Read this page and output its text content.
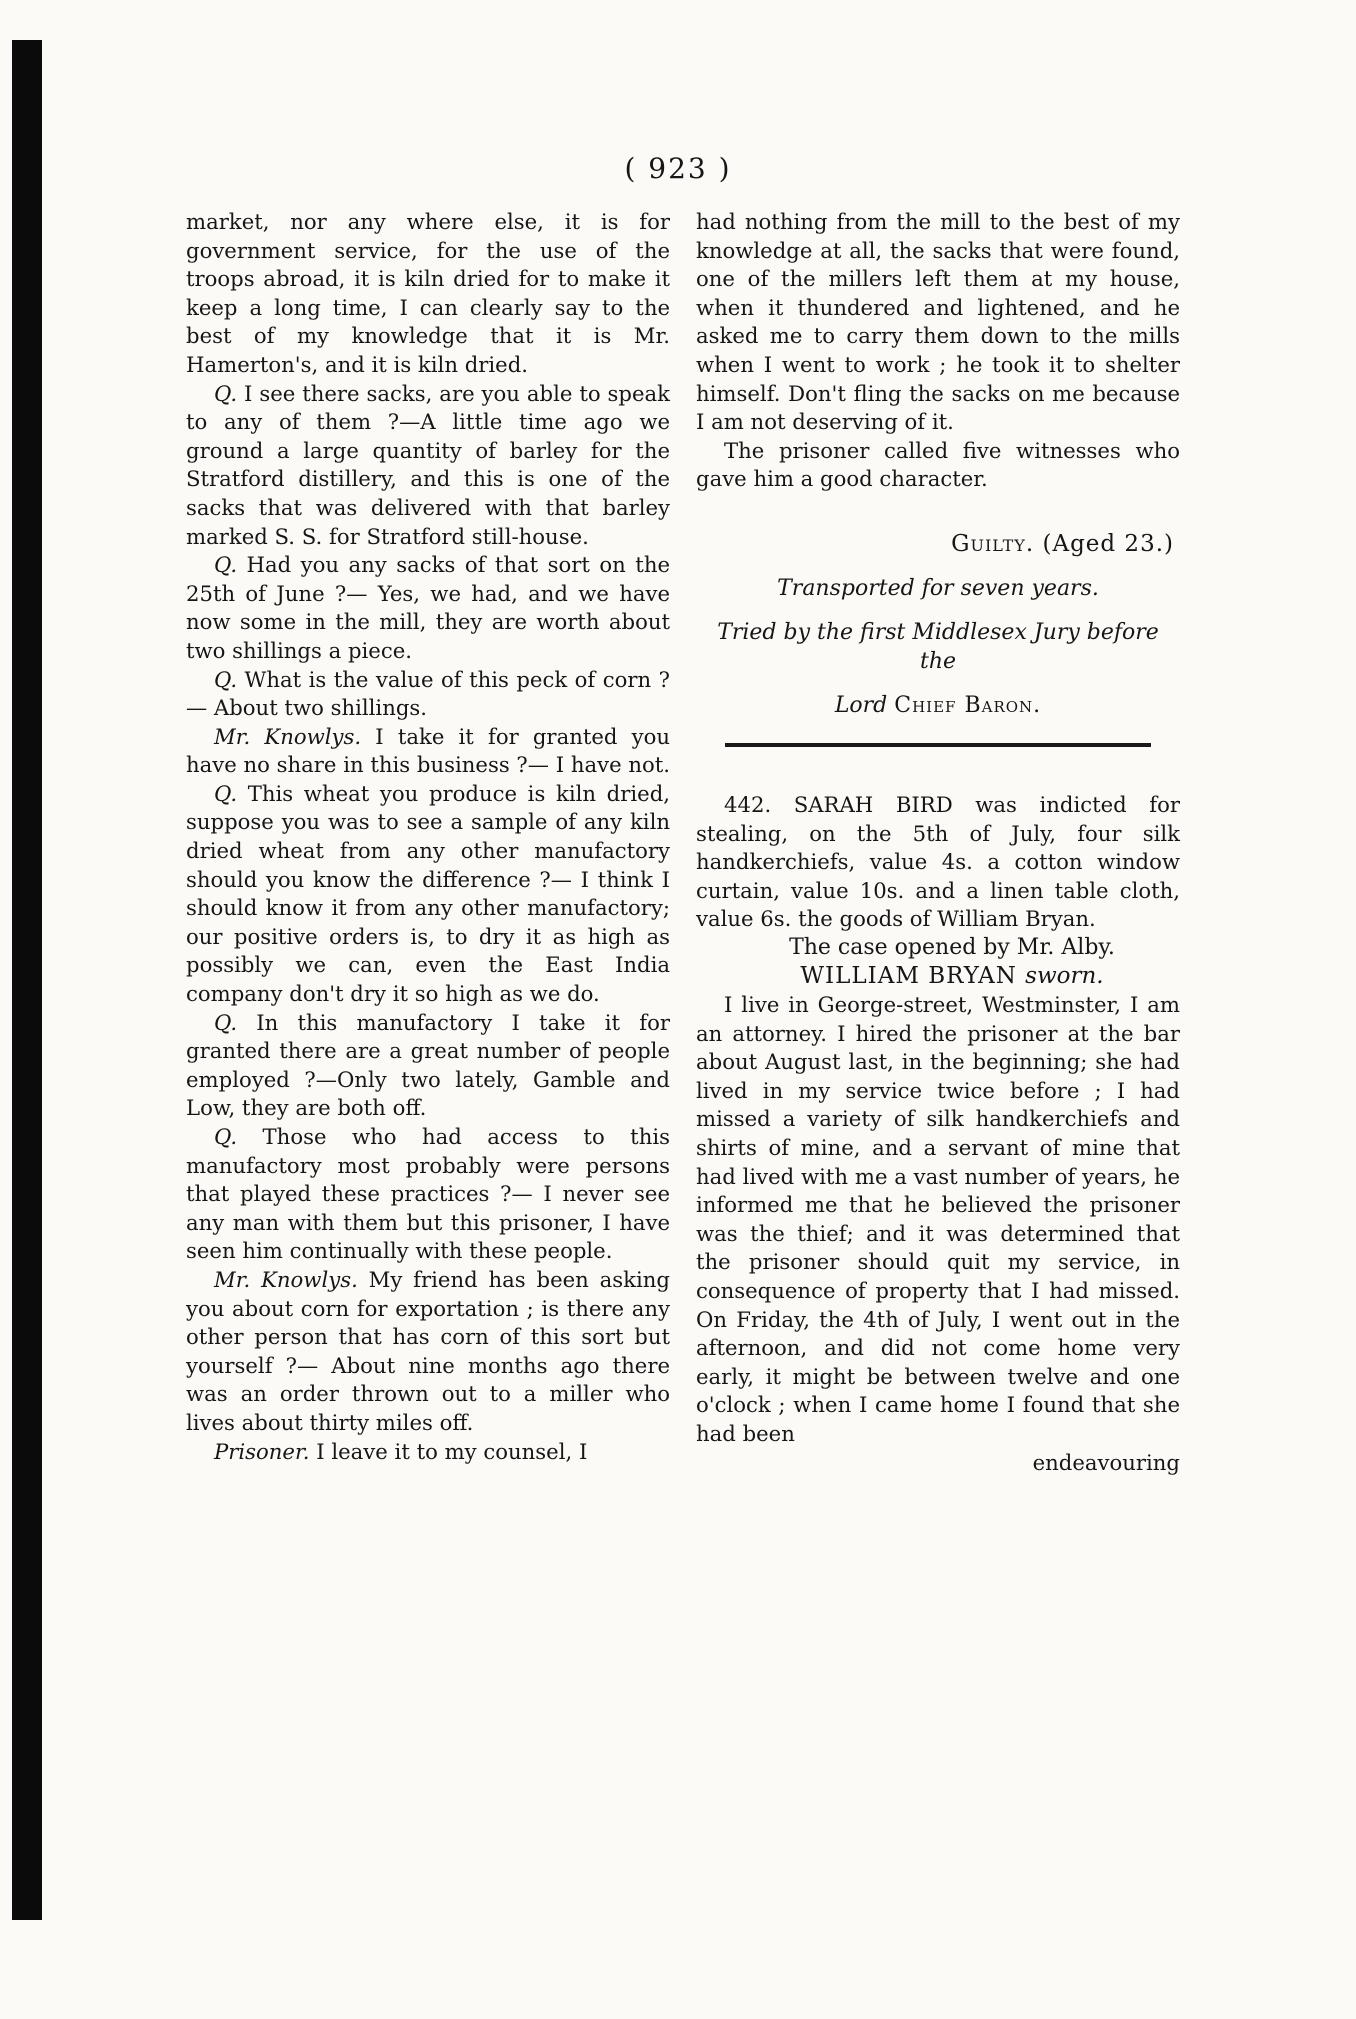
( 923 )

market, nor any where else, it is for government service, for the use of the troops abroad, it is kiln dried for to make it keep a long time, I can clearly say to the best of my knowledge that it is Mr. Hamerton's, and it is kiln dried.

Q. I see there sacks, are you able to speak to any of them ?—A little time ago we ground a large quantity of barley for the Stratford distillery, and this is one of the sacks that was delivered with that barley marked S. S. for Stratford still-house.

Q. Had you any sacks of that sort on the 25th of June ?— Yes, we had, and we have now some in the mill, they are worth about two shillings a piece.

Q. What is the value of this peck of corn ?— About two shillings.

Mr. Knowlys. I take it for granted you have no share in this business ?— I have not.

Q. This wheat you produce is kiln dried, suppose you was to see a sample of any kiln dried wheat from any other manufactory should you know the difference ?— I think I should know it from any other manufactory; our positive orders is, to dry it as high as possibly we can, even the East India company don't dry it so high as we do.

Q. In this manufactory I take it for granted there are a great number of people employed ?—Only two lately, Gamble and Low, they are both off.

Q. Those who had access to this manufactory most probably were persons that played these practices ?— I never see any man with them but this prisoner, I have seen him continually with these people.

Mr. Knowlys. My friend has been asking you about corn for exportation ; is there any other person that has corn of this sort but yourself ?— About nine months ago there was an order thrown out to a miller who lives about thirty miles off.

Prisoner. I leave it to my counsel, I

had nothing from the mill to the best of my knowledge at all, the sacks that were found, one of the millers left them at my house, when it thundered and lightened, and he asked me to carry them down to the mills when I went to work ; he took it to shelter himself. Don't fling the sacks on me because I am not deserving of it.

The prisoner called five witnesses who gave him a good character.

Guilty. (Aged 23.)
Transported for seven years.
Tried by the first Middlesex Jury before the
Lord Chief Baron.

442. SARAH BIRD was indicted for stealing, on the 5th of July, four silk handkerchiefs, value 4s. a cotton window curtain, value 10s. and a linen table cloth, value 6s. the goods of William Bryan.

The case opened by Mr. Alby.

WILLIAM BRYAN sworn.

I live in George-street, Westminster, I am an attorney. I hired the prisoner at the bar about August last, in the beginning; she had lived in my service twice before ; I had missed a variety of silk handkerchiefs and shirts of mine, and a servant of mine that had lived with me a vast number of years, he informed me that he believed the prisoner was the thief; and it was determined that the prisoner should quit my service, in consequence of property that I had missed. On Friday, the 4th of July, I went out in the afternoon, and did not come home very early, it might be between twelve and one o'clock ; when I came home I found that she had been

endeavouring
